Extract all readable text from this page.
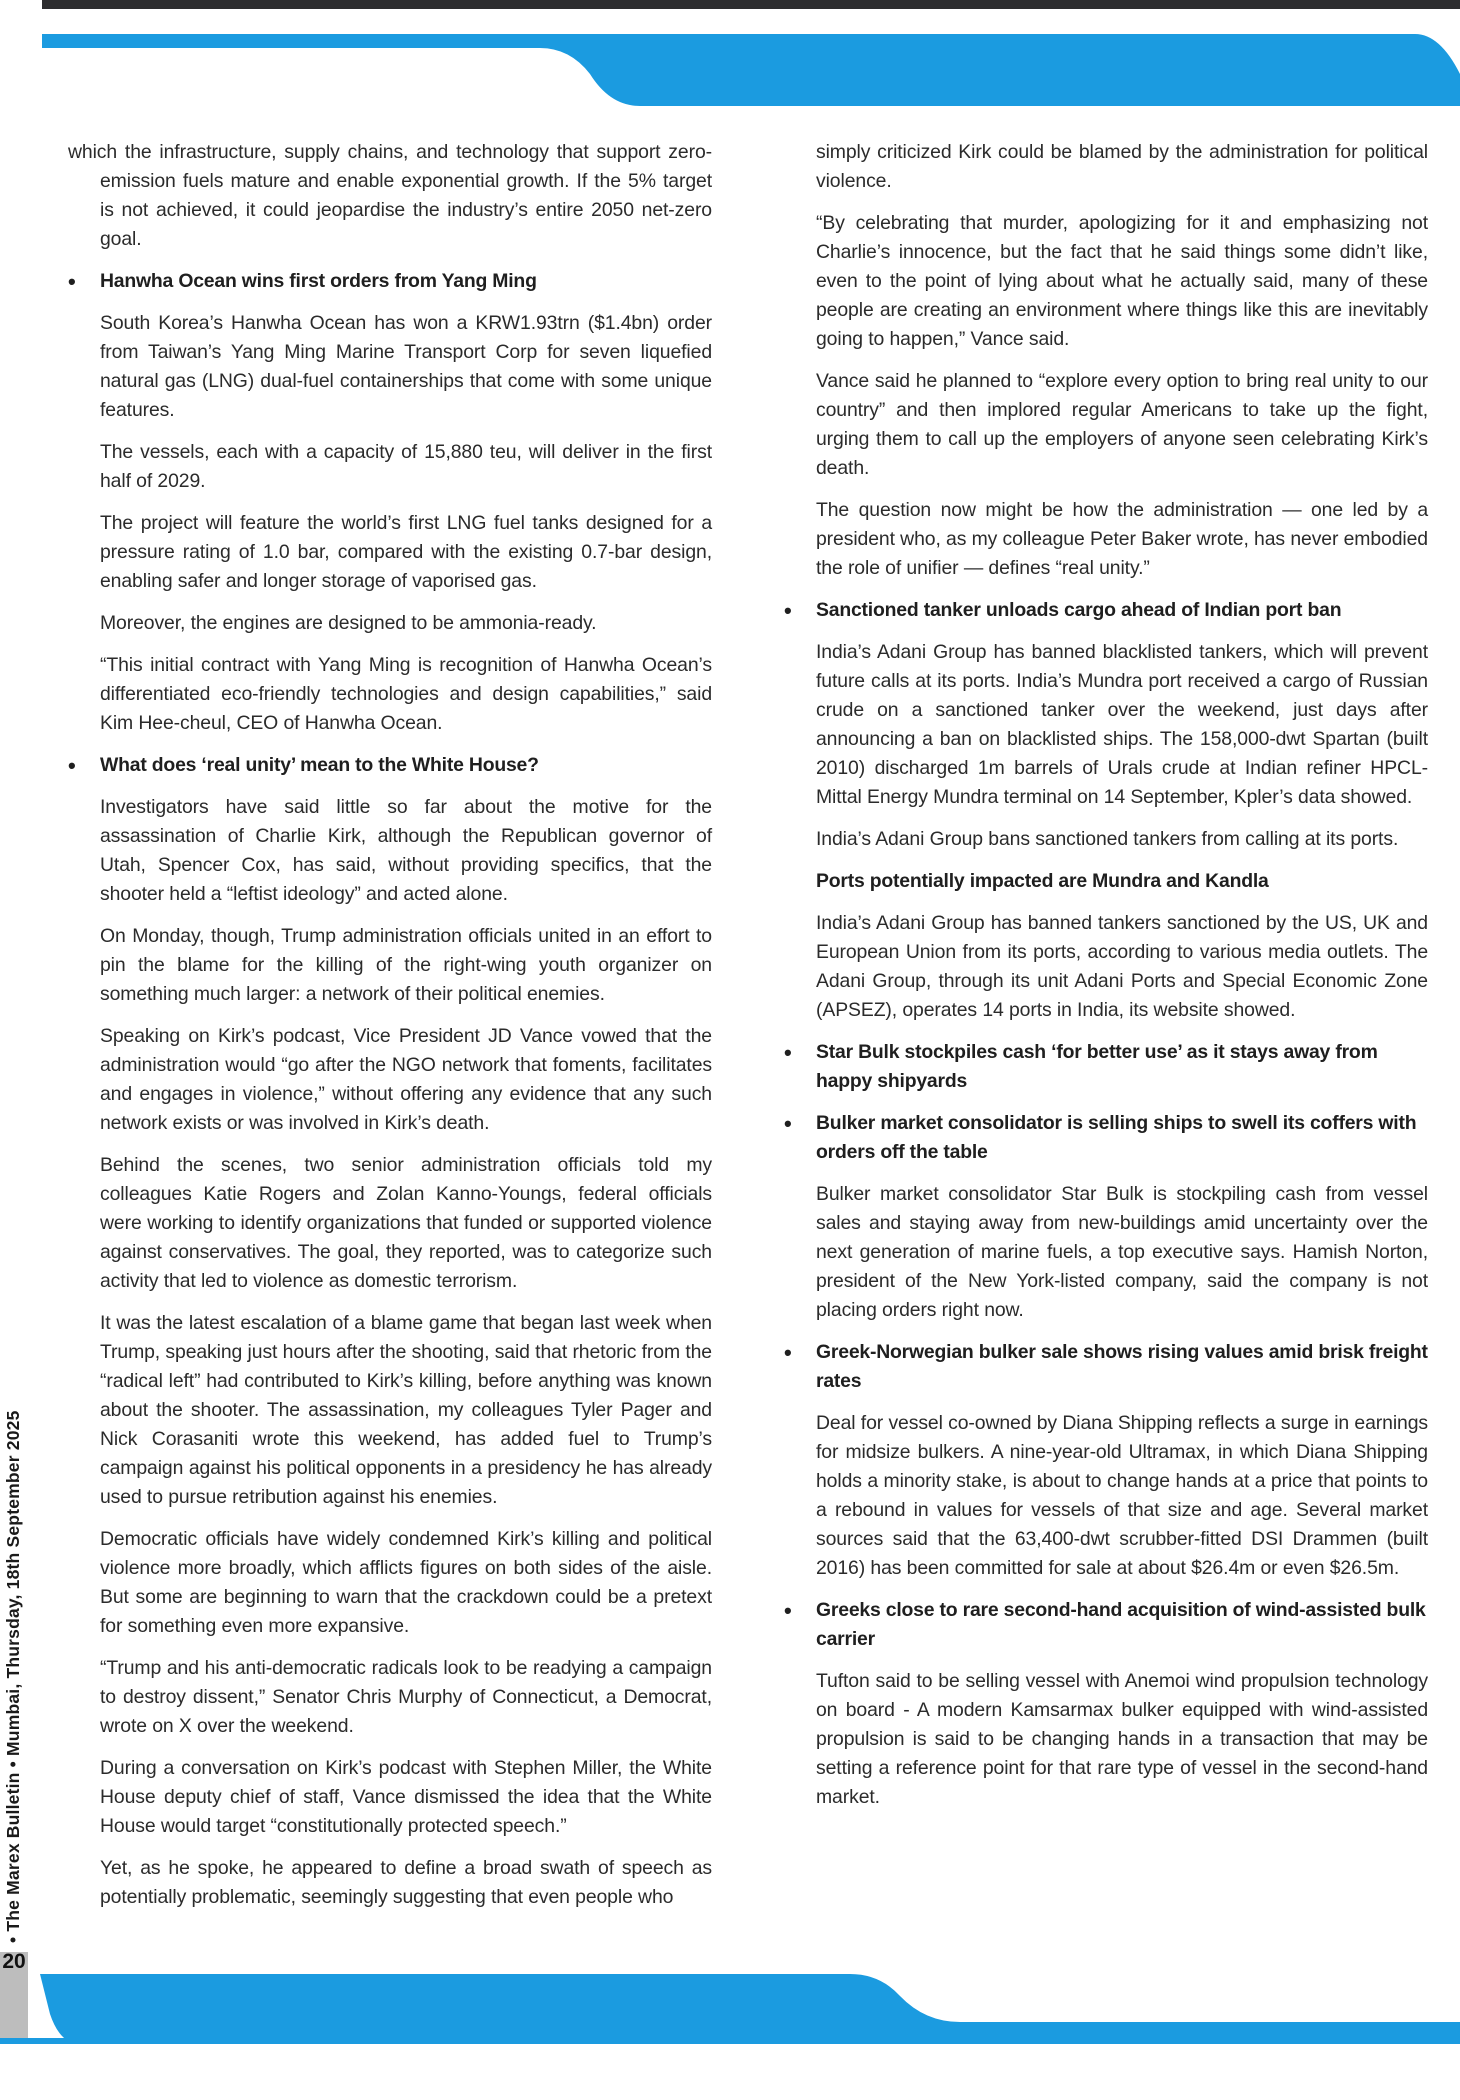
which the infrastructure, supply chains, and technology that support zero-emission fuels mature and enable exponential growth. If the 5% target is not achieved, it could jeopardise the industry’s entire 2050 net-zero goal.

• Hanwha Ocean wins first orders from Yang Ming

South Korea’s Hanwha Ocean has won a KRW1.93trn ($1.4bn) order from Taiwan’s Yang Ming Marine Transport Corp for seven liquefied natural gas (LNG) dual-fuel containerships that come with some unique features.

The vessels, each with a capacity of 15,880 teu, will deliver in the first half of 2029.

The project will feature the world’s first LNG fuel tanks designed for a pressure rating of 1.0 bar, compared with the existing 0.7-bar design, enabling safer and longer storage of vaporised gas.

Moreover, the engines are designed to be ammonia-ready.

“This initial contract with Yang Ming is recognition of Hanwha Ocean’s differentiated eco-friendly technologies and design capabilities,” said Kim Hee-cheul, CEO of Hanwha Ocean.

• What does ‘real unity’ mean to the White House?

Investigators have said little so far about the motive for the assassination of Charlie Kirk, although the Republican governor of Utah, Spencer Cox, has said, without providing specifics, that the shooter held a “leftist ideology” and acted alone.

On Monday, though, Trump administration officials united in an effort to pin the blame for the killing of the right-wing youth organizer on something much larger: a network of their political enemies.

Speaking on Kirk’s podcast, Vice President JD Vance vowed that the administration would “go after the NGO network that foments, facilitates and engages in violence,” without offering any evidence that any such network exists or was involved in Kirk’s death.

Behind the scenes, two senior administration officials told my colleagues Katie Rogers and Zolan Kanno-Youngs, federal officials were working to identify organizations that funded or supported violence against conservatives. The goal, they reported, was to categorize such activity that led to violence as domestic terrorism.

It was the latest escalation of a blame game that began last week when Trump, speaking just hours after the shooting, said that rhetoric from the “radical left” had contributed to Kirk’s killing, before anything was known about the shooter. The assassination, my colleagues Tyler Pager and Nick Corasaniti wrote this weekend, has added fuel to Trump’s campaign against his political opponents in a presidency he has already used to pursue retribution against his enemies.

Democratic officials have widely condemned Kirk’s killing and political violence more broadly, which afflicts figures on both sides of the aisle. But some are beginning to warn that the crackdown could be a pretext for something even more expansive.

“Trump and his anti-democratic radicals look to be readying a campaign to destroy dissent,” Senator Chris Murphy of Connecticut, a Democrat, wrote on X over the weekend.

During a conversation on Kirk’s podcast with Stephen Miller, the White House deputy chief of staff, Vance dismissed the idea that the White House would target “constitutionally protected speech.”

Yet, as he spoke, he appeared to define a broad swath of speech as potentially problematic, seemingly suggesting that even people who

simply criticized Kirk could be blamed by the administration for political violence.

“By celebrating that murder, apologizing for it and emphasizing not Charlie’s innocence, but the fact that he said things some didn’t like, even to the point of lying about what he actually said, many of these people are creating an environment where things like this are inevitably going to happen,” Vance said.

Vance said he planned to “explore every option to bring real unity to our country” and then implored regular Americans to take up the fight, urging them to call up the employers of anyone seen celebrating Kirk’s death.

The question now might be how the administration — one led by a president who, as my colleague Peter Baker wrote, has never embodied the role of unifier — defines “real unity.”

• Sanctioned tanker unloads cargo ahead of Indian port ban

India’s Adani Group has banned blacklisted tankers, which will prevent future calls at its ports. India’s Mundra port received a cargo of Russian crude on a sanctioned tanker over the weekend, just days after announcing a ban on blacklisted ships. The 158,000-dwt Spartan (built 2010) discharged 1m barrels of Urals crude at Indian refiner HPCL-Mittal Energy Mundra terminal on 14 September, Kpler’s data showed.

India’s Adani Group bans sanctioned tankers from calling at its ports.

Ports potentially impacted are Mundra and Kandla

India’s Adani Group has banned tankers sanctioned by the US, UK and European Union from its ports, according to various media outlets. The Adani Group, through its unit Adani Ports and Special Economic Zone (APSEZ), operates 14 ports in India, its website showed.

• Star Bulk stockpiles cash ‘for better use’ as it stays away from happy shipyards
• Bulker market consolidator is selling ships to swell its coffers with orders off the table

Bulker market consolidator Star Bulk is stockpiling cash from vessel sales and staying away from new-buildings amid uncertainty over the next generation of marine fuels, a top executive says. Hamish Norton, president of the New York-listed company, said the company is not placing orders right now.

• Greek-Norwegian bulker sale shows rising values amid brisk freight rates

Deal for vessel co-owned by Diana Shipping reflects a surge in earnings for midsize bulkers. A nine-year-old Ultramax, in which Diana Shipping holds a minority stake, is about to change hands at a price that points to a rebound in values for vessels of that size and age. Several market sources said that the 63,400-dwt scrubber-fitted DSI Drammen (built 2016) has been committed for sale at about $26.4m or even $26.5m.

• Greeks close to rare second-hand acquisition of wind-assisted bulk carrier

Tufton said to be selling vessel with Anemoi wind propulsion technology on board - A modern Kamsarmax bulker equipped with wind-assisted propulsion is said to be changing hands in a transaction that may be setting a reference point for that rare type of vessel in the second-hand market.

• The Marex Bulletin • Mumbai, Thursday, 18th September 2025
20
